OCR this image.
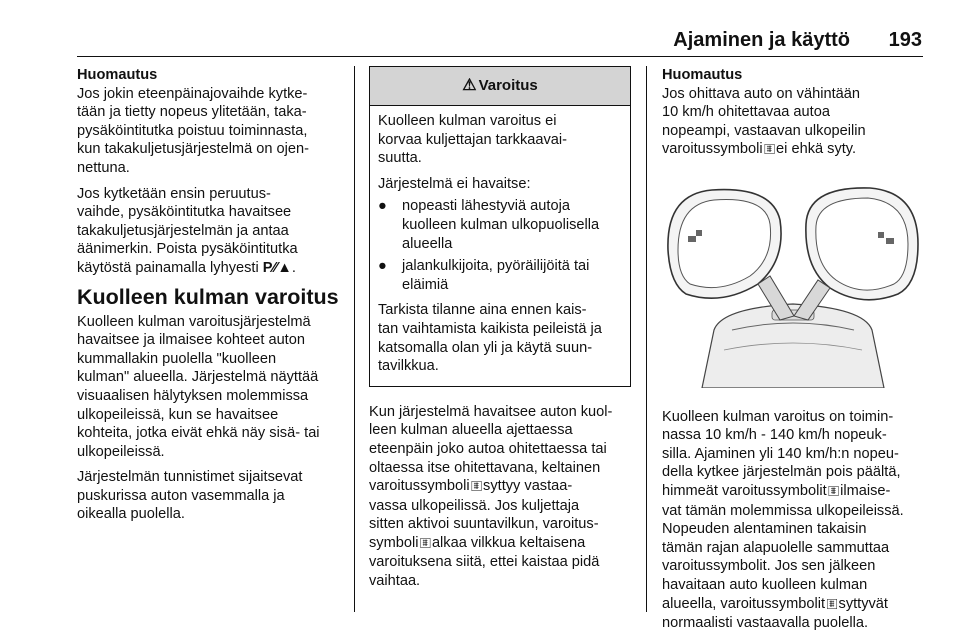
Ajaminen ja käyttö 193

Huomautus

Jos jokin eteenpäinajovaihde kytke-
tään ja tietty nopeus ylitetään, taka-
pysäköintitutka poistuu toiminnasta,
kun takakuljetusjärjestelmä on ojen-
nettuna.

Jos kytketään ensin peruutus-
vaihde, pysäköintitutka havaitsee
takakuljetusjärjestelmän ja antaa
äänimerkin. Poista pysäköintitutka
käytöstä painamalla lyhyesti P⁄⁄▲.

Kuolleen kulman varoitus

Kuolleen kulman varoitusjärjestelmä
havaitsee ja ilmaisee kohteet auton
kummallakin puolella "kuolleen
kulman" alueella. Järjestelmä näyttää
visuaalisen hälytyksen molemmissa
ulkopeileissä, kun se havaitsee
kohteita, jotka eivät ehkä näy sisä- tai
ulkopeileissä.

Järjestelmän tunnistimet sijaitsevat
puskurissa auton vasemmalla ja
oikealla puolella.

⚠ Varoitus

Kuolleen kulman varoitus ei
korvaa kuljettajan tarkkaavai-
suutta.

Järjestelmä ei havaitse:

●	nopeasti lähestyviä autoja
kuolleen kulman ulkopuolisella
alueella
●	jalankulkijoita, pyöräilijöitä tai
eläimiä

Tarkista tilanne aina ennen kais-
tan vaihtamista kaikista peileistä ja
katsomalla olan yli ja käytä suun-
tavilkkua.

Kun järjestelmä havaitsee auton kuol-
leen kulman alueella ajettaessa
eteenpäin joko autoa ohitettaessa tai
oltaessa itse ohitettavana, keltainen
varoitussymboli ⩩⃞ syttyy vastaa-
vassa ulkopeilissä. Jos kuljettaja
sitten aktivoi suuntavilkun, varoitus-
symboli ⩩⃞ alkaa vilkkua keltaisena
varoituksena siitä, ettei kaistaa pidä
vaihtaa.

Huomautus

Jos ohittava auto on vähintään
10 km/h ohitettavaa autoa
nopeampi, vastaavan ulkopeilin
varoitussymboli ⩩⃞ ei ehkä syty.

Kuolleen kulman varoitus on toimin-
nassa 10 km/h - 140 km/h nopeuk-
silla. Ajaminen yli 140 km/h:n nopeu-
della kytkee järjestelmän pois päältä,
himmeät varoitussymbolit ⩩⃞ ilmaise-
vat tämän molemmissa ulkopeileissä.
Nopeuden alentaminen takaisin
tämän rajan alapuolelle sammuttaa
varoitussymbolit. Jos sen jälkeen
havaitaan auto kuolleen kulman
alueella, varoitussymbolit ⩩⃞ syttyvät
normaalisti vastaavalla puolella.
